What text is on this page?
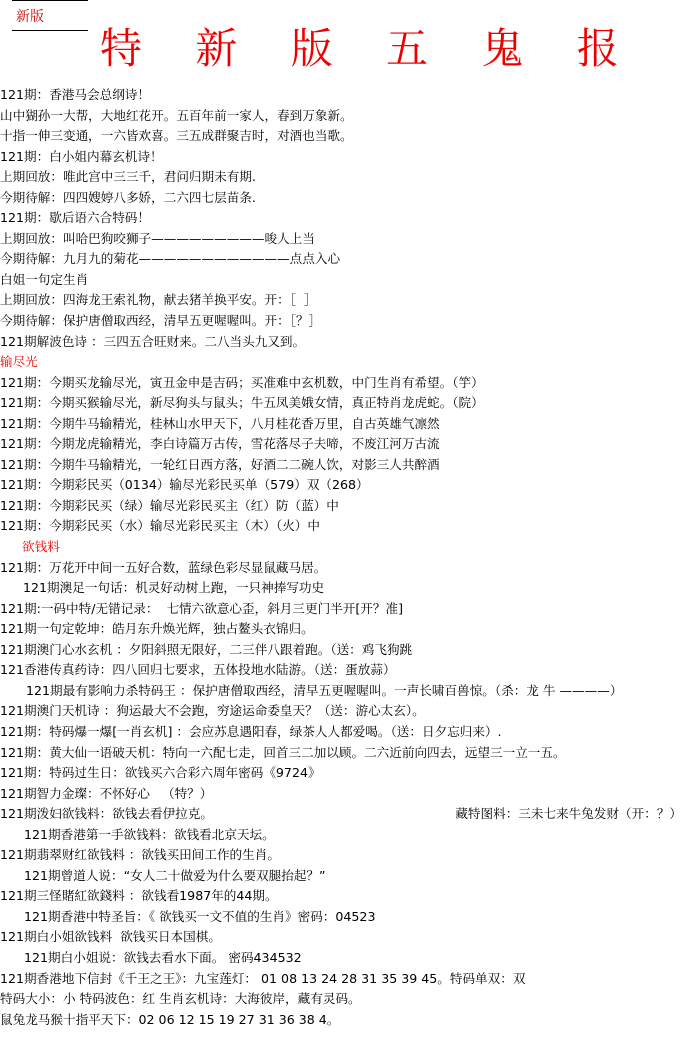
新版
特 新 版 五 鬼 报
121期：香港马会总纲诗！
山中猢孙一大帮，大地红花开。五百年前一家人，春到万象新。
十指一伸三变通，一六皆欢喜。三五成群聚吉时，对酒也当歌。
121期：白小姐内幕玄机诗！
上期回放：唯此宫中三三千，君问归期未有期.
今期待解：四四嫂婷八多娇，二六四七层苗条.
121期：歇后语六合特码！
上期回放：叫哈巴狗咬狮子—————————唆人上当
今期待解：九月九的菊花————————————点点入心
白姐一句定生肖
上期回放：四海龙王索礼物，献去猪羊换平安。开：［  ］
今期待解：保护唐僧取西经，清早五更喔喔叫。开：［？］
121期解波色诗 ：三四五合旺财来。二八当头九又到。
输尽光
121期：今期买龙输尽光，寅丑金申是吉码；买准难中玄机数，中门生肖有希望。（竽）
121期：今期买猴输尽光，新尽狗头与鼠头；牛五凤美娥女情，真正特肖龙虎蛇。（院）
121期：今期牛马输精光，桂林山水甲天下，八月桂花香万里，自古英雄气凛然
121期：今期龙虎输精光，李白诗篇万古传，雪花落尽子夫啼，不废江河万古流
121期：今期牛马输精光，一轮红日西方落，好酒二二碗人饮，对影三人共醉酒
121期：今期彩民买（0134）输尽光彩民买单（579）双（268）
121期：今期彩民买（绿）输尽光彩民买主（红）防（蓝）中
121期：今期彩民买（水）输尽光彩民买主（木）（火）中
欲钱料
121期：万花开中间一五好合数，蓝绿色彩尽显鼠藏马居。
121期澳足一句话：机灵好动树上跑，一只神捧写功史
121期:一码中特/无错记录：  七情六欲意心歪，斜月三更门半开[开？准]
121期一句定乾坤：皓月东升焕光辉，独占鳌头衣锦归。
121期澳门心水玄机 ：夕阳斜照无限好，二三伴八跟着跑。（送：鸡飞狗跳
121香港传真药诗：四八回归七要求，五体投地水陆游。（送：蛋放蒜）
121期最有影响力杀特码王 ：保护唐僧取西经，清早五更喔喔叫。一声长啸百兽惊。（杀：龙 牛 ————）
121期澳门天机诗 ：狗运最大不会跑，穷途运命委皇天？（送：游心太玄）。
121期：特码爆一爆[一肖玄机] ：会应苏息遇阳春，绿茶人人都爱喝。（送：日夕忘归来）.
121期：黄大仙一语破天机：特向一六配七走，回首三二加以顾。二六近前向四去，远望三一立一五。
121期：特码过生日：欲钱买六合彩六周年密码《9724》
121期智力金璨：不怀好心   （特？）
121期泼妇欲钱料：欲钱去看伊拉克。	藏特图料：三未七来牛兔发财（开：？）
121期香港第一手欲钱料：欲钱看北京天坛。
121期翡翠财红欲钱料 ：欲钱买田间工作的生肖。
121期曾道人说：“女人二十做爱为什么要双腿抬起？”
121期三怪賭紅欲錢料 ：欲钱看1987年的44期。
121期香港中特圣旨：《 欲钱买一文不值的生肖》密码：04523
121期白小姐欲钱料  欲钱买日本国棋。
121期白小姐说：欲钱去看水下面。 密码434532
121期香港地下信封《千王之王》：九宝莲灯： 01 08 13 24 28 31 35 39 45。特码单双：双
特码大小：小 特码波色：红 生肖玄机诗：大海彼岸，藏有灵码。
鼠兔龙马猴十指平天下：02 06 12 15 19 27 31 36 38 4。
